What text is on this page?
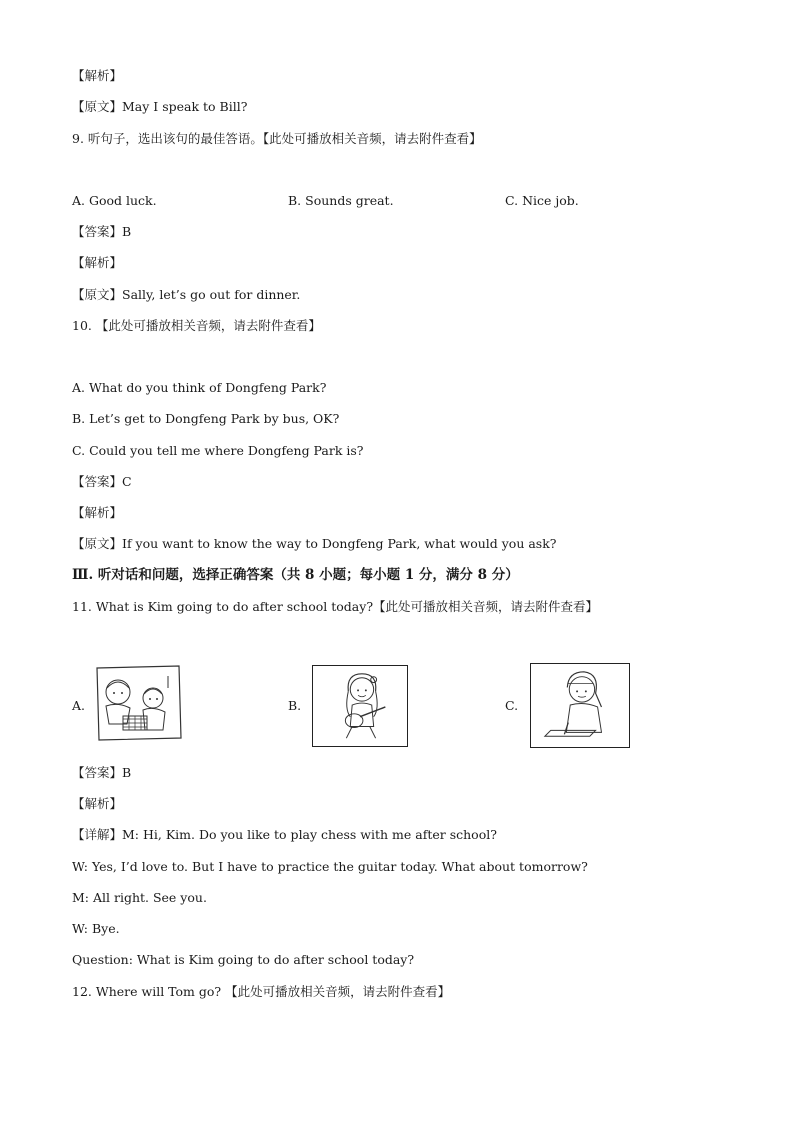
【解析】
【原文】May I speak to Bill?
9. 听句子，选出该句的最佳答语。【此处可播放相关音频，请去附件查看】
A. Good luck.	B. Sounds great.	C. Nice job.
【答案】B
【解析】
【原文】Sally, let’s go out for dinner.
10. 【此处可播放相关音频，请去附件查看】
A. What do you think of Dongfeng Park?
B. Let’s get to Dongfeng Park by bus, OK?
C. Could you tell me where Dongfeng Park is?
【答案】C
【解析】
【原文】If you want to know the way to Dongfeng Park, what would you ask?
Ⅲ. 听对话和问题，选择正确答案（共 8 小题；每小题 1 分，满分 8 分）
11. What is Kim going to do after school today?【此处可播放相关音频，请去附件查看】
A.	B.	C.
【答案】B
【解析】
【详解】M: Hi, Kim. Do you like to play chess with me after school?
W: Yes, I’d love to. But I have to practice the guitar today. What about tomorrow?
M: All right. See you.
W: Bye.
Question: What is Kim going to do after school today?
12. Where will Tom go? 【此处可播放相关音频，请去附件查看】
